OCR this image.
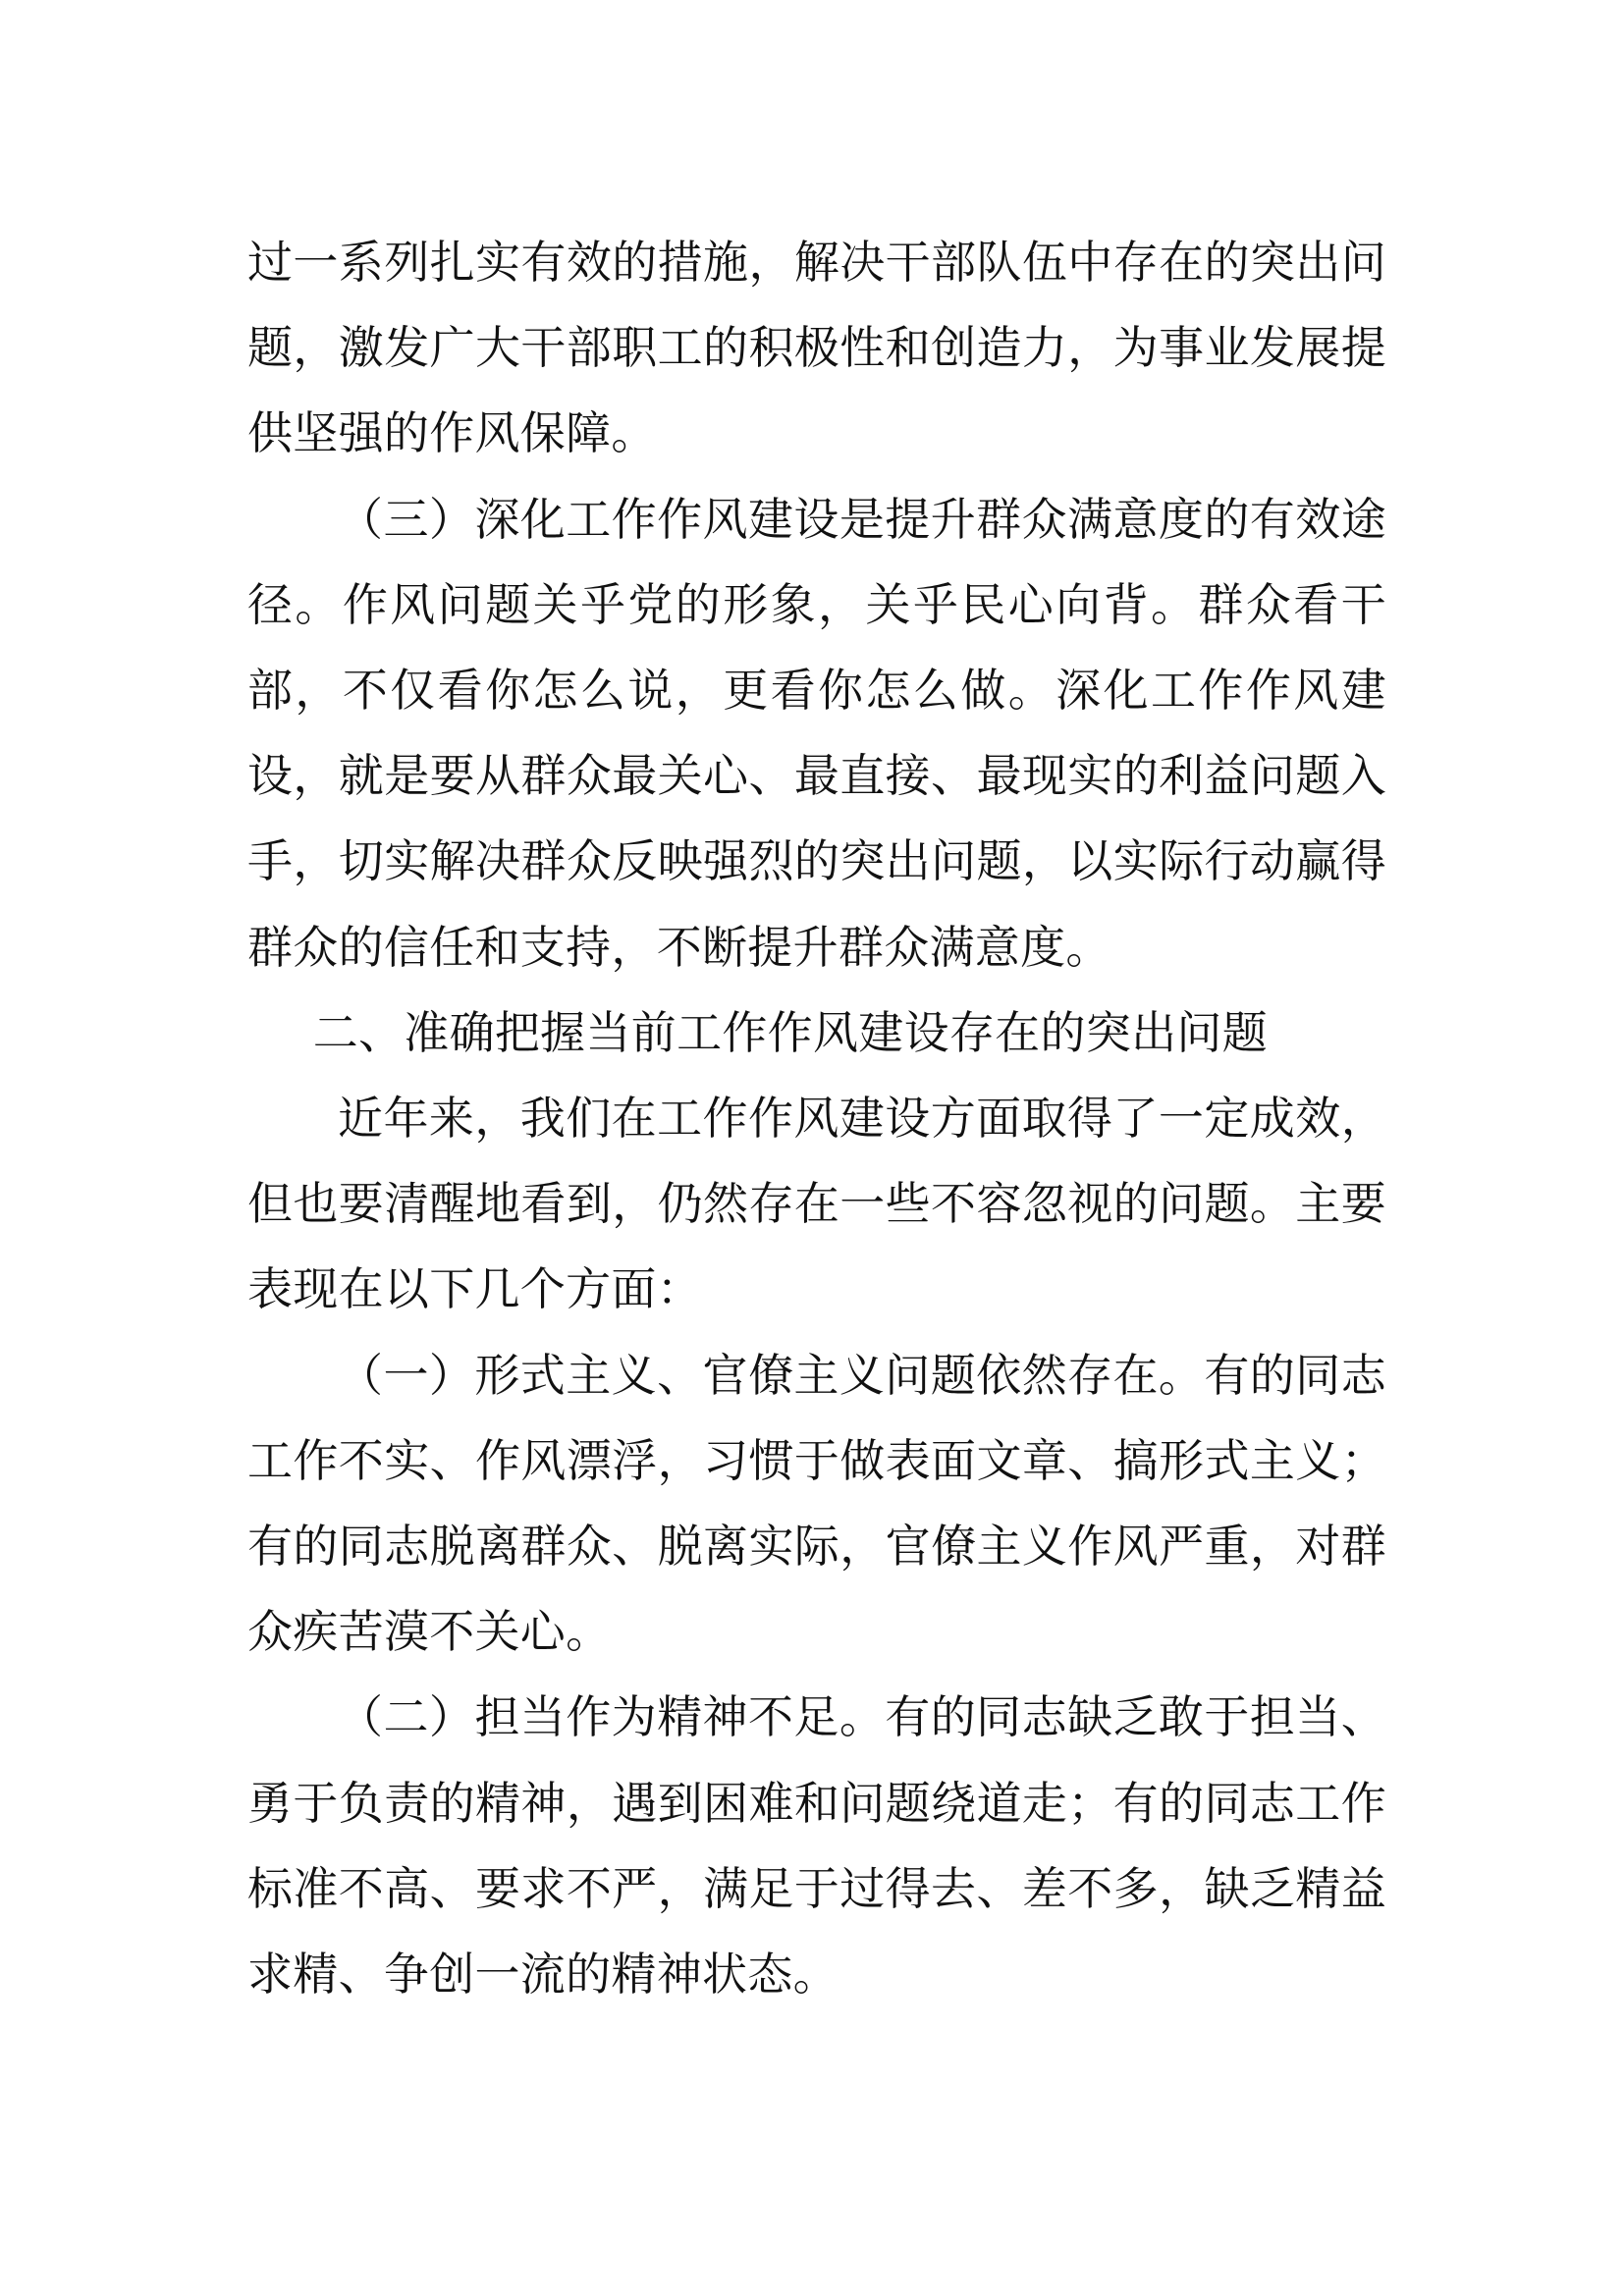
过一系列扎实有效的措施，解决干部队伍中存在的突出问题，激发广大干部职工的积极性和创造力，为事业发展提供坚强的作风保障。

（三）深化工作作风建设是提升群众满意度的有效途径。作风问题关乎党的形象，关乎民心向背。群众看干部，不仅看你怎么说，更看你怎么做。深化工作作风建设，就是要从群众最关心、最直接、最现实的利益问题入手，切实解决群众反映强烈的突出问题，以实际行动赢得群众的信任和支持，不断提升群众满意度。

二、准确把握当前工作作风建设存在的突出问题

近年来，我们在工作作风建设方面取得了一定成效，但也要清醒地看到，仍然存在一些不容忽视的问题。主要表现在以下几个方面：

（一）形式主义、官僚主义问题依然存在。有的同志工作不实、作风漂浮，习惯于做表面文章、搞形式主义；有的同志脱离群众、脱离实际，官僚主义作风严重，对群众疾苦漠不关心。

（二）担当作为精神不足。有的同志缺乏敢于担当、勇于负责的精神，遇到困难和问题绕道走；有的同志工作标准不高、要求不严，满足于过得去、差不多，缺乏精益求精、争创一流的精神状态。
